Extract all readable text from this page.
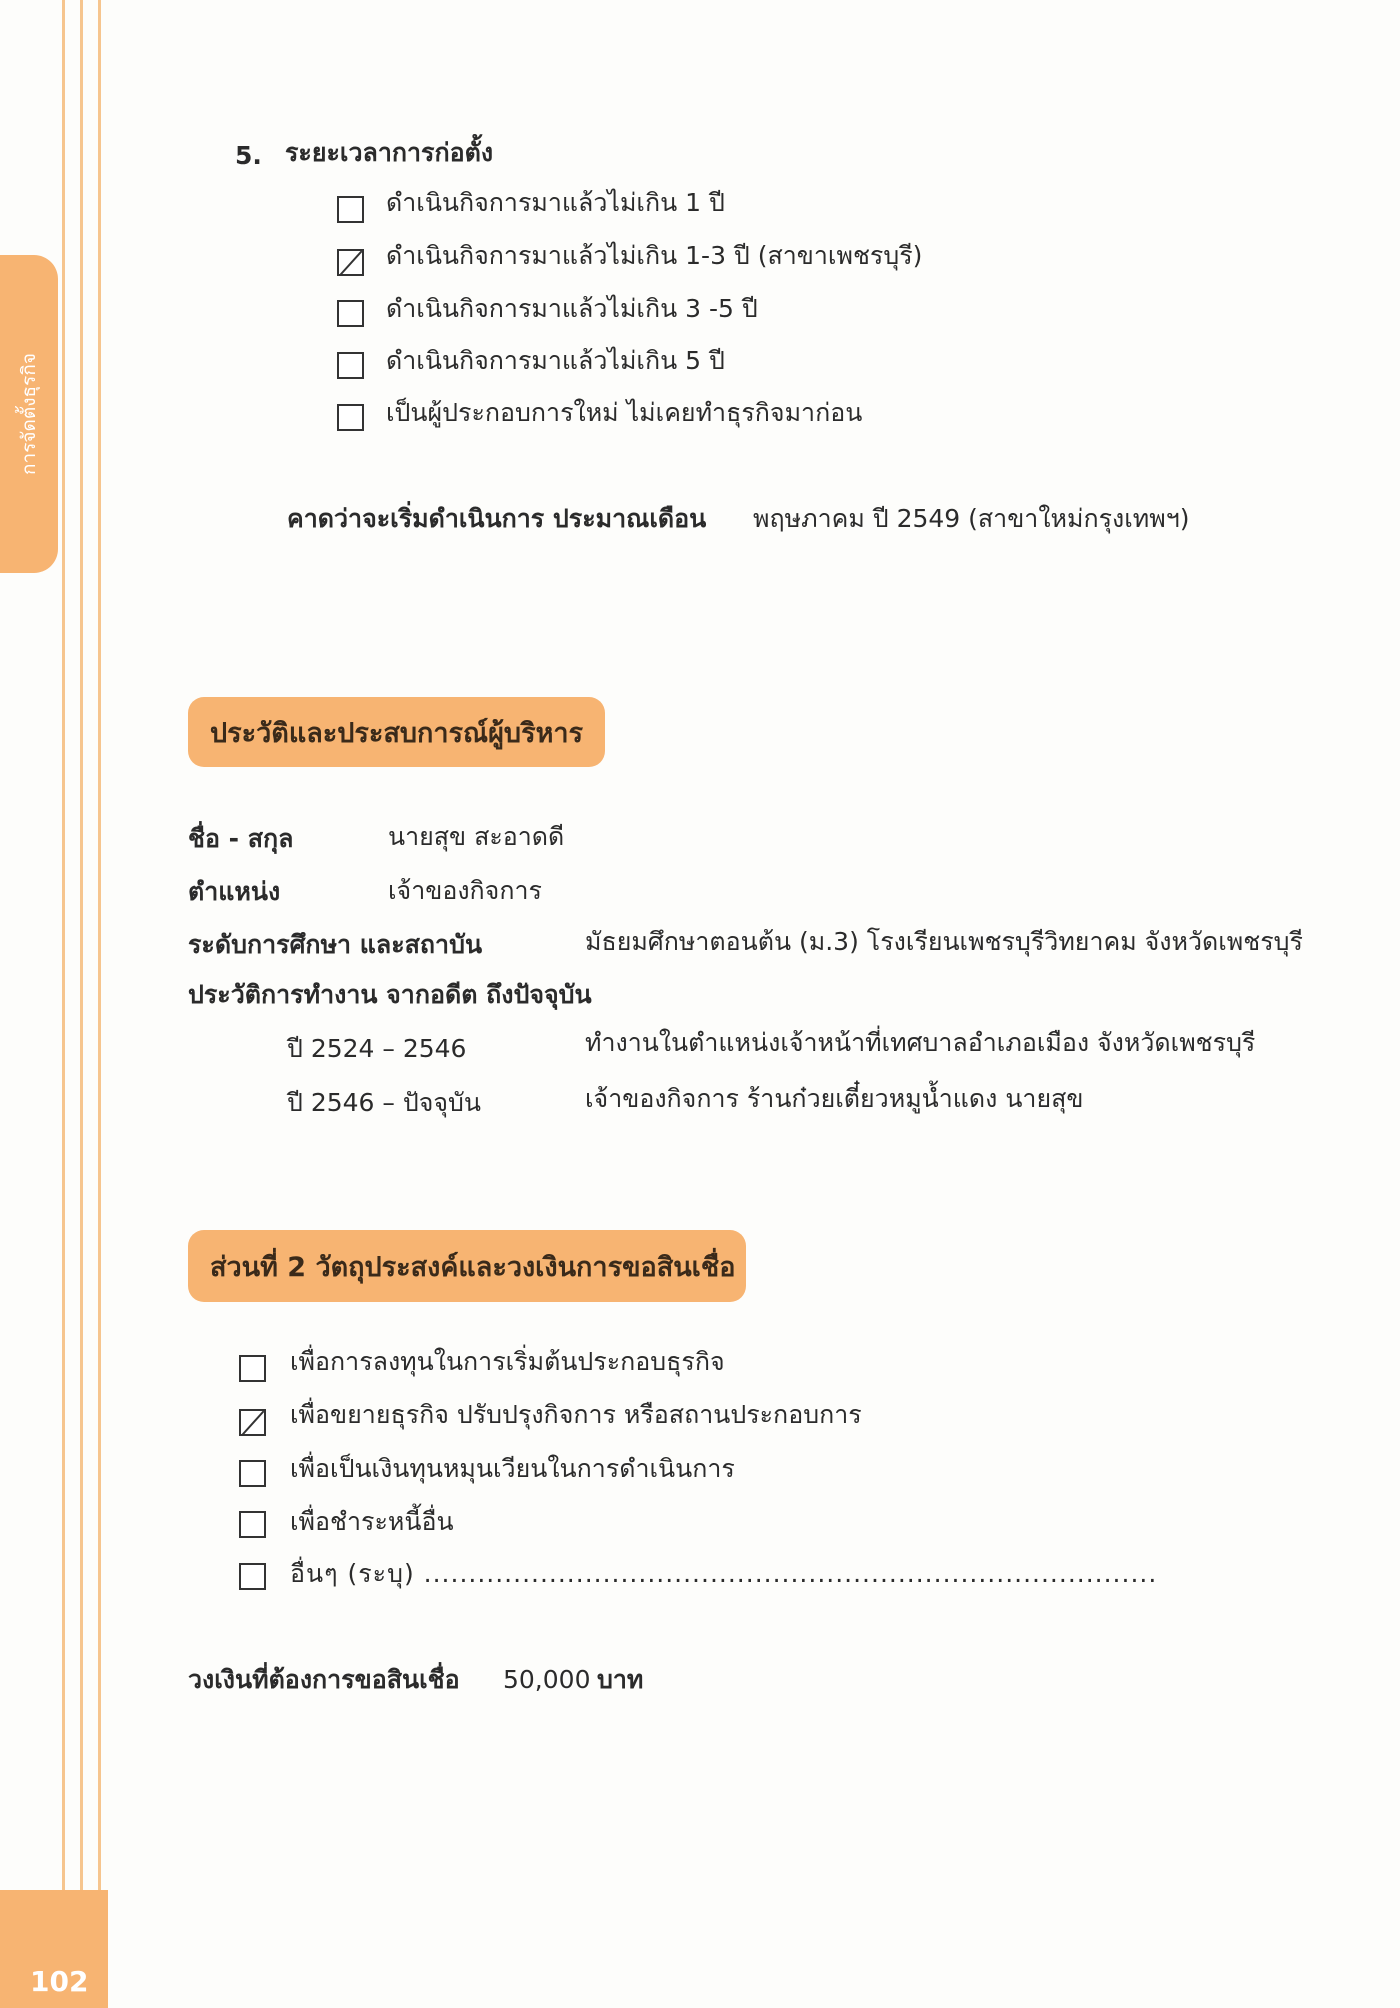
การจัดตั้งธุรกิจ
102
5. ระยะเวลาการก่อตั้ง
ดำเนินกิจการมาแล้วไม่เกิน 1 ปี
ดำเนินกิจการมาแล้วไม่เกิน 1-3 ปี (สาขาเพชรบุรี)
ดำเนินกิจการมาแล้วไม่เกิน 3 -5 ปี
ดำเนินกิจการมาแล้วไม่เกิน 5 ปี
เป็นผู้ประกอบการใหม่ ไม่เคยทำธุรกิจมาก่อน
คาดว่าจะเริ่มดำเนินการ ประมาณเดือน พฤษภาคม ปี 2549 (สาขาใหม่กรุงเทพฯ)
ประวัติและประสบการณ์ผู้บริหาร
ชื่อ - สกุล	นายสุข สะอาดดี
ตำแหน่ง	เจ้าของกิจการ
ระดับการศึกษา และสถาบัน	มัธยมศึกษาตอนต้น (ม.3) โรงเรียนเพชรบุรีวิทยาคม จังหวัดเพชรบุรี
ประวัติการทำงาน จากอดีต ถึงปัจจุบัน
ปี 2524 – 2546	ทำงานในตำแหน่งเจ้าหน้าที่เทศบาลอำเภอเมือง จังหวัดเพชรบุรี
ปี 2546 – ปัจจุบัน	เจ้าของกิจการ ร้านก๋วยเตี๋ยวหมูน้ำแดง นายสุข
ส่วนที่ 2 วัตถุประสงค์และวงเงินการขอสินเชื่อ
เพื่อการลงทุนในการเริ่มต้นประกอบธุรกิจ
เพื่อขยายธุรกิจ ปรับปรุงกิจการ หรือสถานประกอบการ
เพื่อเป็นเงินทุนหมุนเวียนในการดำเนินการ
เพื่อชำระหนี้อื่น
อื่นๆ (ระบุ) ..................................................................................
วงเงินที่ต้องการขอสินเชื่อ 50,000 บาท
